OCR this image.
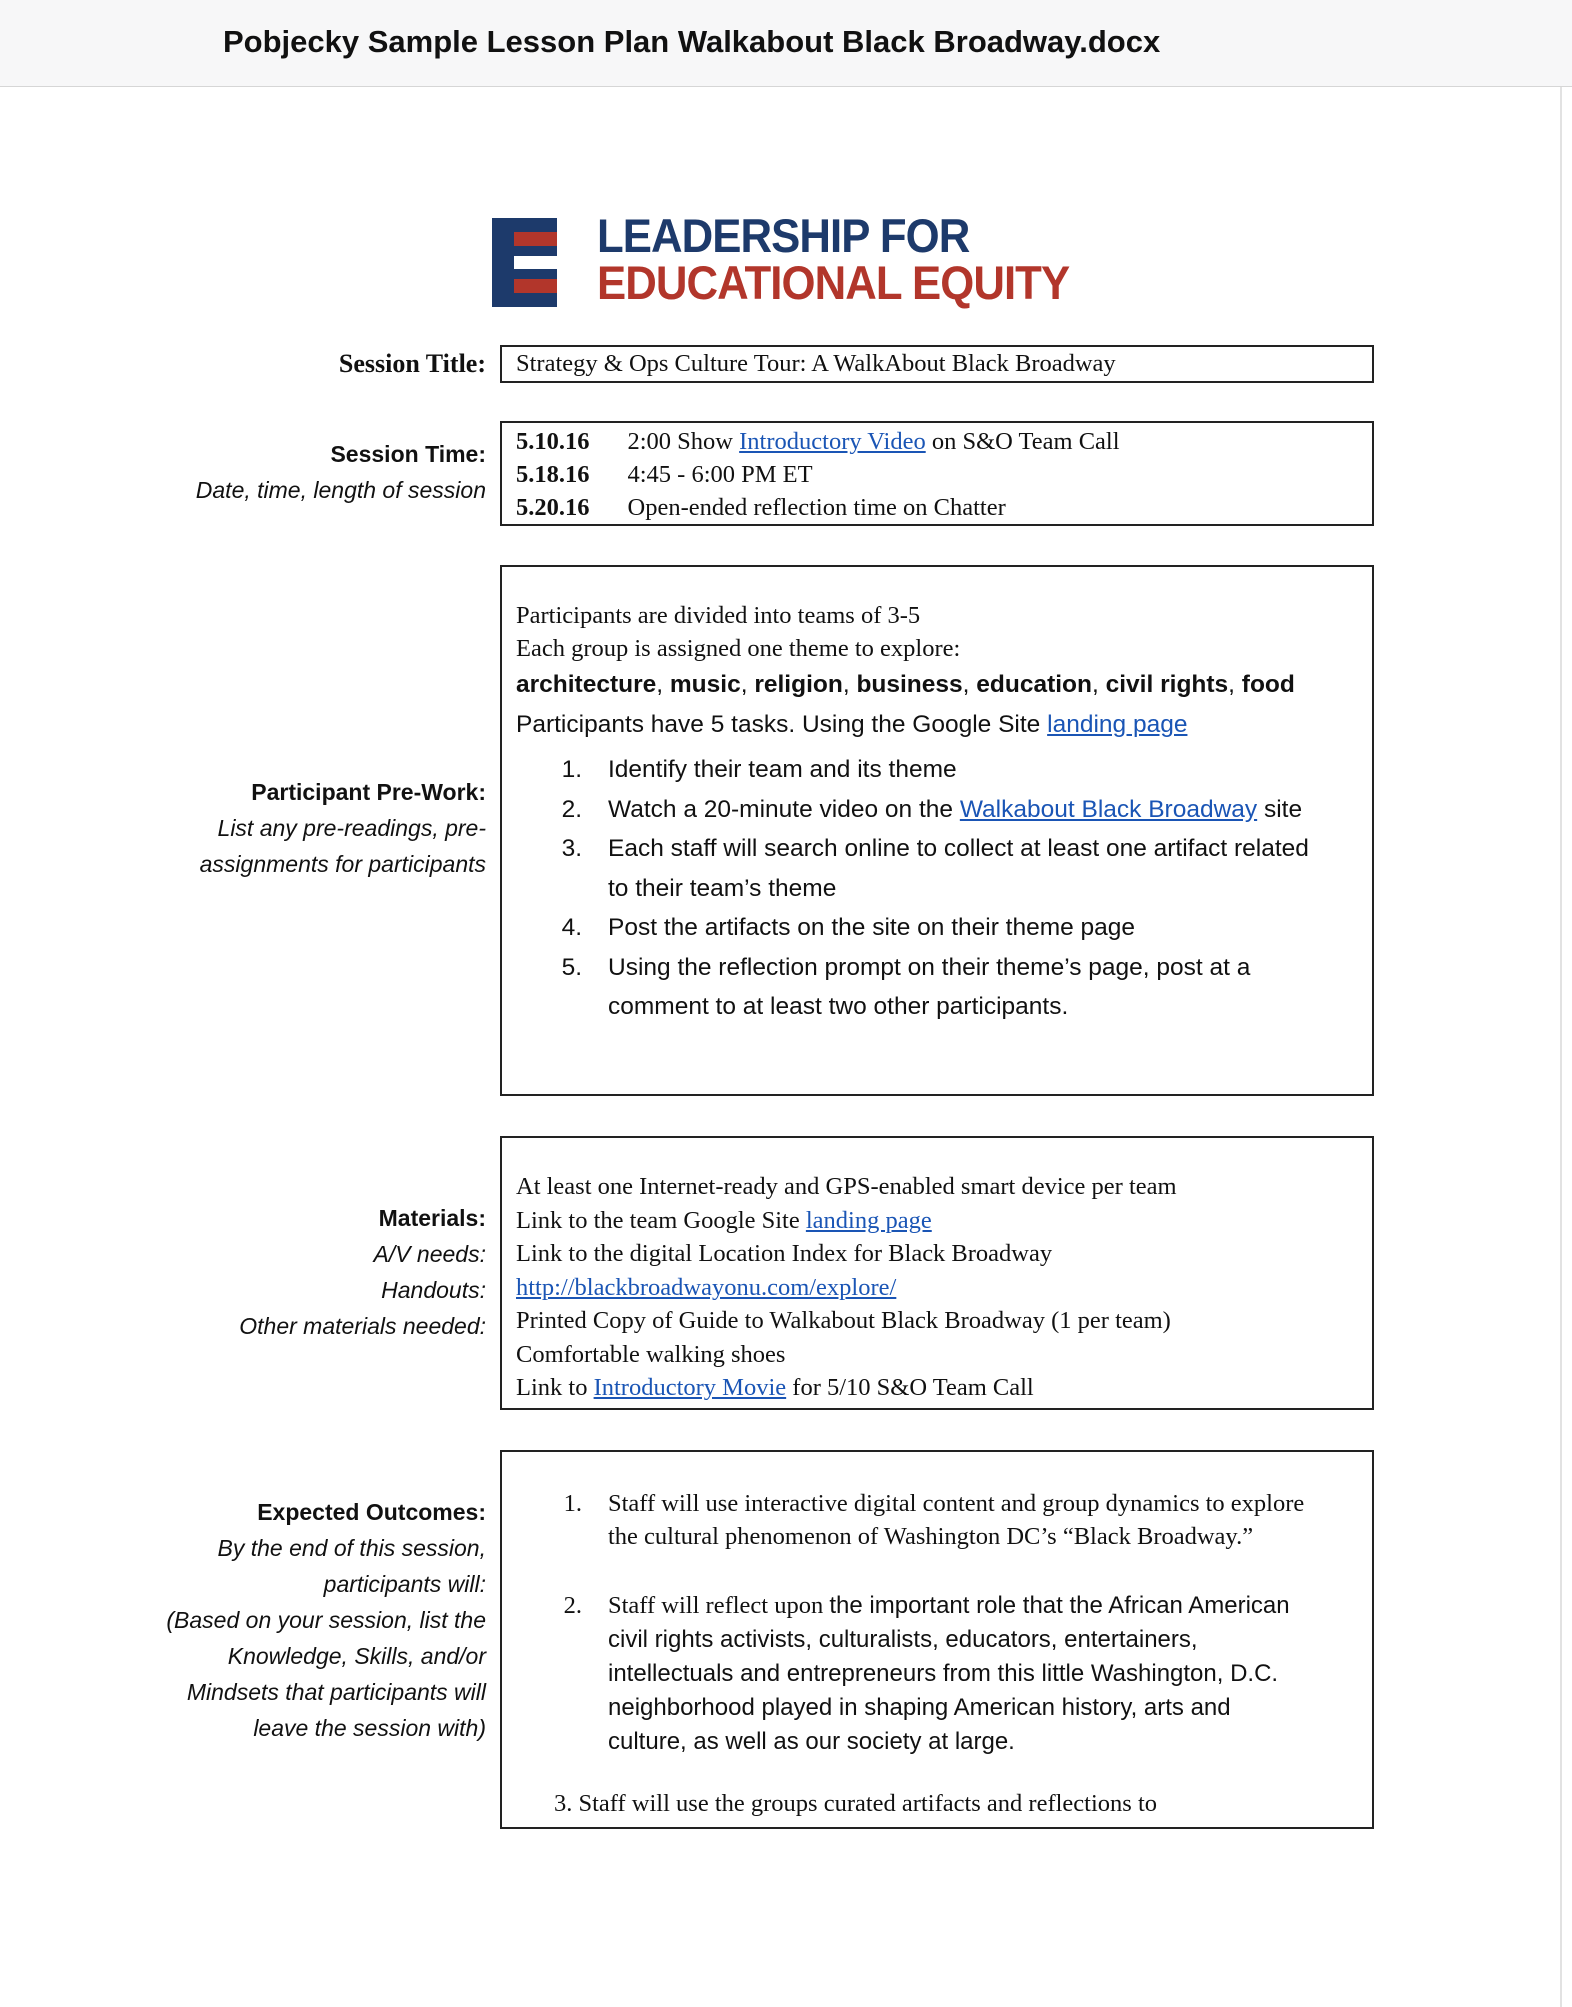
Pobjecky Sample Lesson Plan Walkabout Black Broadway.docx
LEADERSHIP FOR
EDUCATIONAL EQUITY
Session Title: Strategy & Ops Culture Tour: A WalkAbout Black Broadway
Session Time:
Date, time, length of session
5.10.16 2:00 Show Introductory Video on S&O Team Call
5.18.16 4:45 - 6:00 PM ET
5.20.16 Open-ended reflection time on Chatter
Participant Pre-Work:
List any pre-readings, pre-
assignments for participants
Participants are divided into teams of 3-5
Each group is assigned one theme to explore:
architecture, music, religion, business, education, civil rights, food
Participants have 5 tasks. Using the Google Site landing page
1. Identify their team and its theme
2. Watch a 20-minute video on the Walkabout Black Broadway site
3. Each staff will search online to collect at least one artifact related
to their team’s theme
4. Post the artifacts on the site on their theme page
5. Using the reflection prompt on their theme’s page, post at a
comment to at least two other participants.
Materials:
A/V needs:
Handouts:
Other materials needed:
At least one Internet-ready and GPS-enabled smart device per team
Link to the team Google Site landing page
Link to the digital Location Index for Black Broadway
http://blackbroadwayonu.com/explore/
Printed Copy of Guide to Walkabout Black Broadway (1 per team)
Comfortable walking shoes
Link to Introductory Movie for 5/10 S&O Team Call
Expected Outcomes:
By the end of this session,
participants will:
(Based on your session, list the
Knowledge, Skills, and/or
Mindsets that participants will
leave the session with)
1. Staff will use interactive digital content and group dynamics to explore
the cultural phenomenon of Washington DC’s “Black Broadway.”
2. Staff will reflect upon the important role that the African American
civil rights activists, culturalists, educators, entertainers,
intellectuals and entrepreneurs from this little Washington, D.C.
neighborhood played in shaping American history, arts and
culture, as well as our society at large.
3. Staff will use the groups curated artifacts and reflections to
